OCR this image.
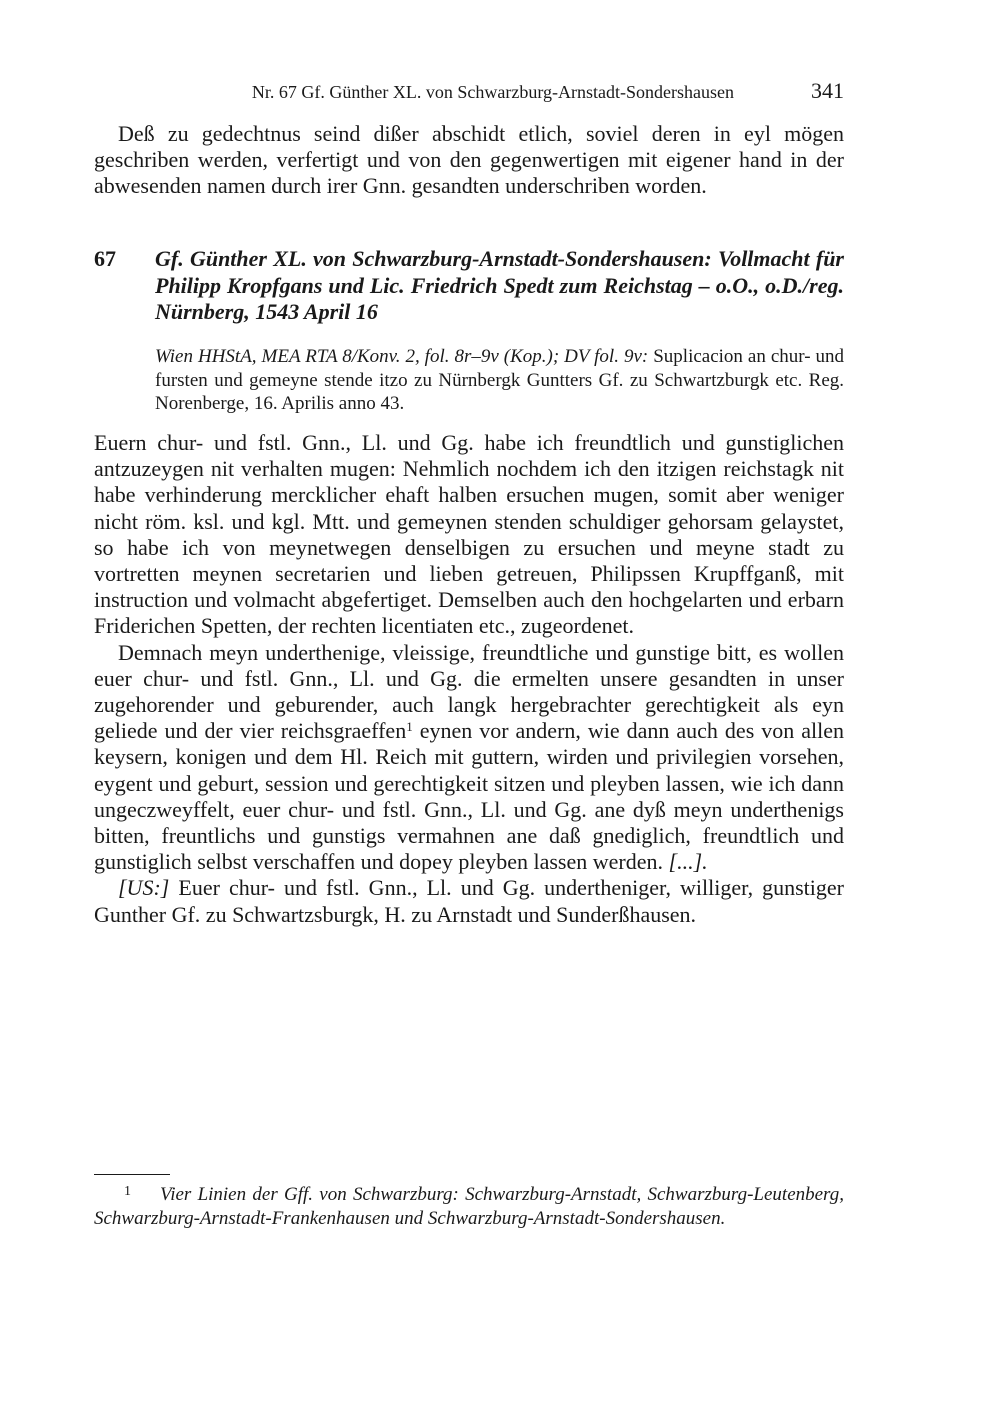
Nr. 67 Gf. Günther XL. von Schwarzburg-Arnstadt-Sondershausen	341

Deß zu gedechtnus seind dißer abschidt etlich, soviel deren in eyl mögen geschriben werden, verfertigt und von den gegenwertigen mit eigener hand in der abwesenden namen durch irer Gnn. gesandten underschriben worden.

67 Gf. Günther XL. von Schwarzburg-Arnstadt-Sondershausen: Vollmacht für Philipp Kropfgans und Lic. Friedrich Spedt zum Reichstag – o.O., o.D./reg. Nürnberg, 1543 April 16
Wien HHStA, MEA RTA 8/Konv. 2, fol. 8r–9v (Kop.); DV fol. 9v: Suplicacion an chur- und fursten und gemeyne stende itzo zu Nürnbergk Guntters Gf. zu Schwartzburgk etc. Reg. Norenberge, 16. Aprilis anno 43.

Euern chur- und fstl. Gnn., Ll. und Gg. habe ich freundtlich und gunstiglichen antzuzeygen nit verhalten mugen: Nehmlich nochdem ich den itzigen reichstagk nit habe verhinderung mercklicher ehaft halben ersuchen mugen, somit aber weniger nicht röm. ksl. und kgl. Mtt. und gemeynen stenden schuldiger gehorsam gelaystet, so habe ich von meynetwegen denselbigen zu ersuchen und meyne stadt zu vortretten meynen secretarien und lieben getreuen, Philipssen Krupffganß, mit instruction und volmacht abgefertiget. Demselben auch den hochgelarten und erbarn Friderichen Spetten, der rechten licentiaten etc., zugeordenet.

Demnach meyn underthenige, vleissige, freundtliche und gunstige bitt, es wollen euer chur- und fstl. Gnn., Ll. und Gg. die ermelten unsere gesandten in unser zugehorender und geburender, auch langk hergebrachter gerechtigkeit als eyn geliede und der vier reichsgraeffen$^1$ eynen vor andern, wie dann auch des von allen keysern, konigen und dem Hl. Reich mit guttern, wirden und privilegien vorsehen, eygent und geburt, session und gerechtigkeit sitzen und pleyben lassen, wie ich dann ungeczweyffelt, euer chur- und fstl. Gnn., Ll. und Gg. ane dyß meyn underthenigs bitten, freuntlichs und gunstigs vermahnen ane daß gnediglich, freundtlich und gunstiglich selbst verschaffen und dopey pleyben lassen werden. [...].

[US:] Euer chur- und fstl. Gnn., Ll. und Gg. undertheniger, williger, gunstiger Gunther Gf. zu Schwartzsburgk, H. zu Arnstadt und Sunderßhausen.

1 Vier Linien der Gff. von Schwarzburg: Schwarzburg-Arnstadt, Schwarzburg-Leutenberg, Schwarzburg-Arnstadt-Frankenhausen und Schwarzburg-Arnstadt-Sondershausen.
